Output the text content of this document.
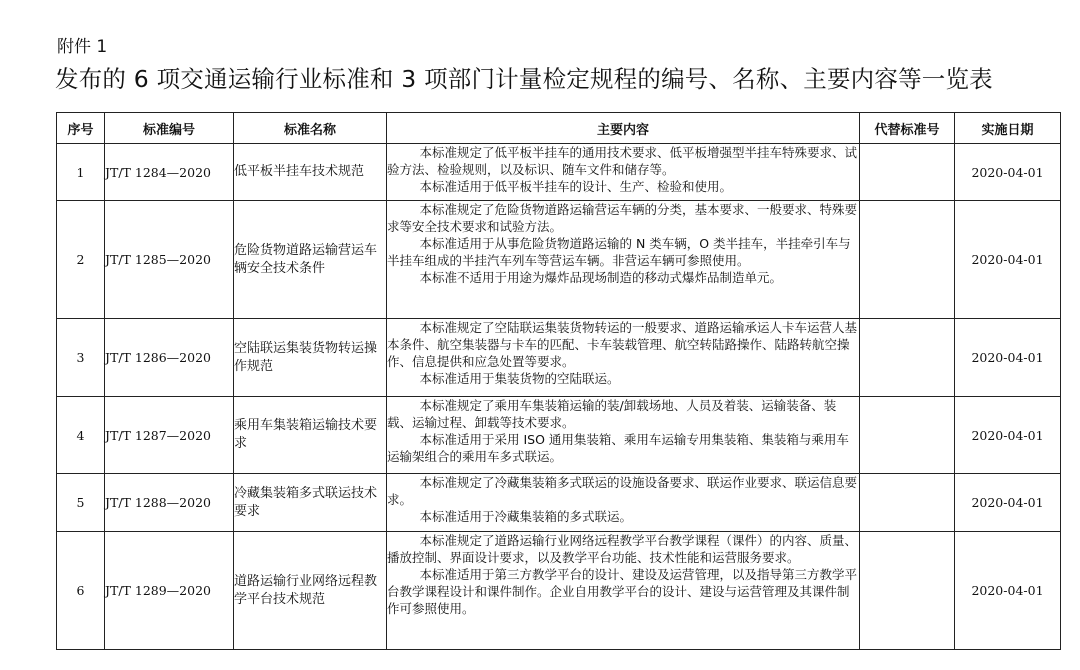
附件 1
发布的 6 项交通运输行业标准和 3 项部门计量检定规程的编号、名称、主要内容等一览表
序号	标准编号	标准名称	主要内容	代替标准号	实施日期
1	JT/T 1284—2020	低平板半挂车技术规范	本标准规定了低平板半挂车的通用技术要求、低平板增强型半挂车特殊要求、试验方法、检验规则，以及标识、随车文件和储存等。

本标准适用于低平板半挂车的设计、生产、检验和使用。		2020-04-01
2	JT/T 1285—2020	危险货物道路运输营运车辆安全技术条件	本标准规定了危险货物道路运输营运车辆的分类，基本要求、一般要求、特殊要求等安全技术要求和试验方法。

本标准适用于从事危险货物道路运输的 N 类车辆，O 类半挂车，半挂牵引车与半挂车组成的半挂汽车列车等营运车辆。非营运车辆可参照使用。

本标准不适用于用途为爆炸品现场制造的移动式爆炸品制造单元。		2020-04-01
3	JT/T 1286—2020	空陆联运集装货物转运操作规范	本标准规定了空陆联运集装货物转运的一般要求、道路运输承运人卡车运营人基本条件、航空集装器与卡车的匹配、卡车装载管理、航空转陆路操作、陆路转航空操作、信息提供和应急处置等要求。

本标准适用于集装货物的空陆联运。		2020-04-01
4	JT/T 1287—2020	乘用车集装箱运输技术要求	本标准规定了乘用车集装箱运输的装/卸载场地、人员及着装、运输装备、装载、运输过程、卸载等技术要求。

本标准适用于采用 ISO 通用集装箱、乘用车运输专用集装箱、集装箱与乘用车运输架组合的乘用车多式联运。		2020-04-01
5	JT/T 1288—2020	冷藏集装箱多式联运技术要求	本标准规定了冷藏集装箱多式联运的设施设备要求、联运作业要求、联运信息要求。

本标准适用于冷藏集装箱的多式联运。		2020-04-01
6	JT/T 1289—2020	道路运输行业网络远程教学平台技术规范	本标准规定了道路运输行业网络远程教学平台教学课程（课件）的内容、质量、播放控制、界面设计要求，以及教学平台功能、技术性能和运营服务要求。

本标准适用于第三方教学平台的设计、建设及运营管理，以及指导第三方教学平台教学课程设计和课件制作。企业自用教学平台的设计、建设与运营管理及其课件制作可参照使用。		2020-04-01
